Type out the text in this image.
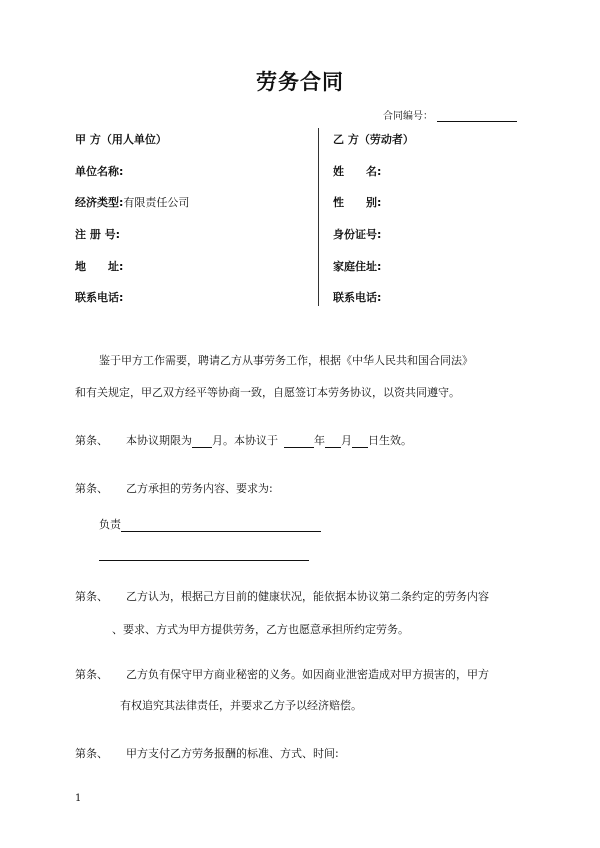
劳务合同
合同编号：
甲 方（用人单位）
单位名称:
经济类型:有限责任公司
注 册 号:
地　　址:
联系电话:
乙 方（劳动者）
姓　　名:
性　　别:
身份证号:
家庭住址:
联系电话:
鉴于甲方工作需要，聘请乙方从事劳务工作，根据《中华人民共和国合同法》
和有关规定，甲乙双方经平等协商一致，自愿签订本劳务协议，以资共同遵守。
第条、 本协议期限为 月。本协议于	年 月 日生效。
第条、 乙方承担的劳务内容、要求为:
负责
第条、 乙方认为，根据己方目前的健康状况，能依据本协议第二条约定的劳务内容
、要求、方式为甲方提供劳务，乙方也愿意承担所约定劳务。
第条、 乙方负有保守甲方商业秘密的义务。如因商业泄密造成对甲方损害的，甲方
有权追究其法律责任，并要求乙方予以经济赔偿。
第条、 甲方支付乙方劳务报酬的标准、方式、时间:
1
